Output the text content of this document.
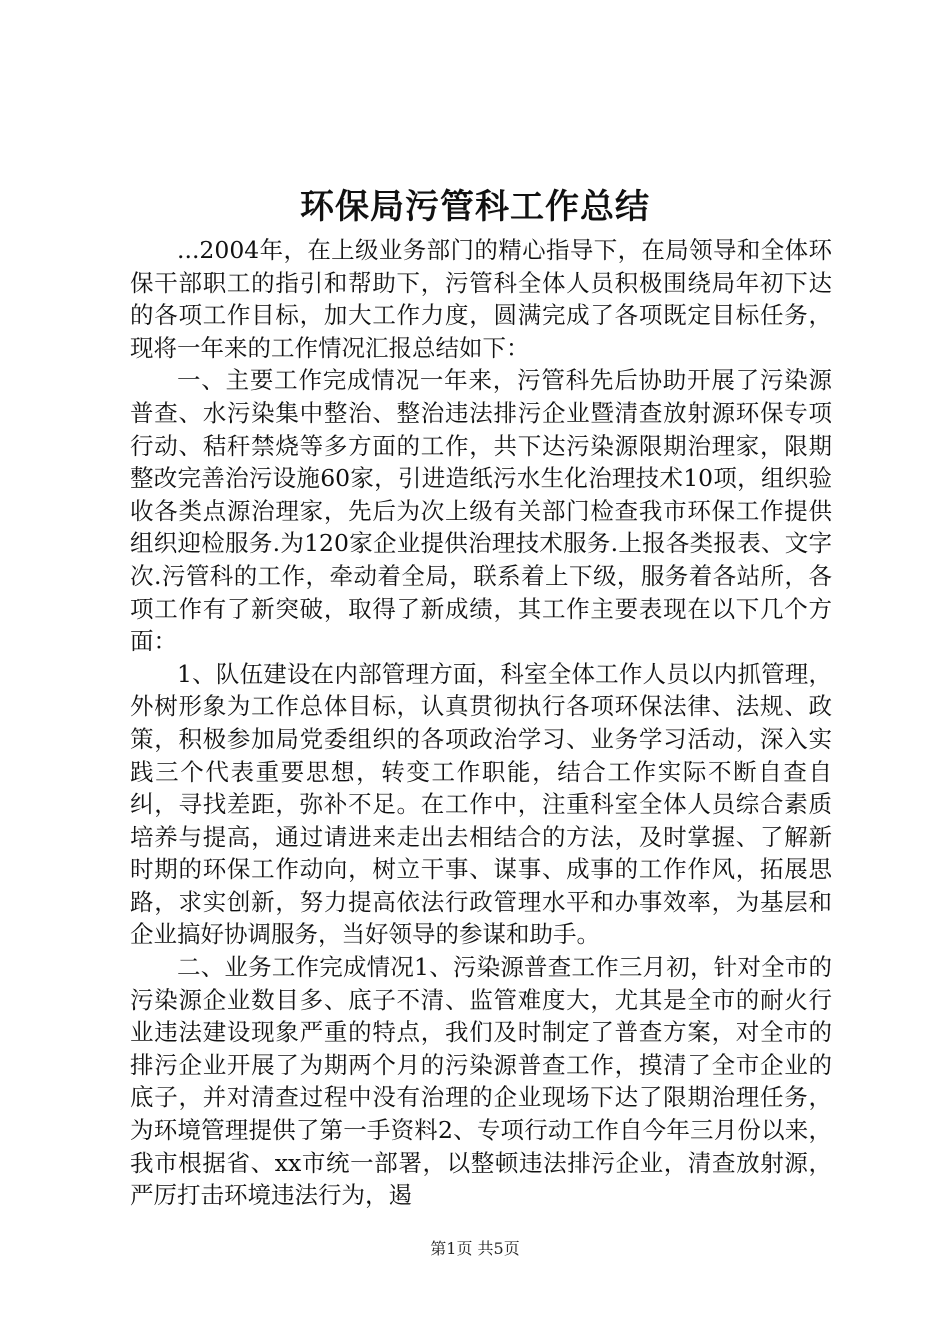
环保局污管科工作总结

...2004年，在上级业务部门的精心指导下，在局领导和全体环保干部职工的指引和帮助下，污管科全体人员积极围绕局年初下达的各项工作目标，加大工作力度，圆满完成了各项既定目标任务，现将一年来的工作情况汇报总结如下：

一、主要工作完成情况一年来，污管科先后协助开展了污染源普查、水污染集中整治、整治违法排污企业暨清查放射源环保专项行动、秸秆禁烧等多方面的工作，共下达污染源限期治理家，限期整改完善治污设施60家，引进造纸污水生化治理技术10项，组织验收各类点源治理家，先后为次上级有关部门检查我市环保工作提供组织迎检服务.为120家企业提供治理技术服务.上报各类报表、文字次.污管科的工作，牵动着全局，联系着上下级，服务着各站所，各项工作有了新突破，取得了新成绩，其工作主要表现在以下几个方面：

1、队伍建设在内部管理方面，科室全体工作人员以内抓管理，外树形象为工作总体目标，认真贯彻执行各项环保法律、法规、政策，积极参加局党委组织的各项政治学习、业务学习活动，深入实践三个代表重要思想，转变工作职能，结合工作实际不断自查自纠，寻找差距，弥补不足。在工作中，注重科室全体人员综合素质培养与提高，通过请进来走出去相结合的方法，及时掌握、了解新时期的环保工作动向，树立干事、谋事、成事的工作作风，拓展思路，求实创新，努力提高依法行政管理水平和办事效率，为基层和企业搞好协调服务，当好领导的参谋和助手。

二、业务工作完成情况1、污染源普查工作三月初，针对全市的污染源企业数目多、底子不清、监管难度大，尤其是全市的耐火行业违法建设现象严重的特点，我们及时制定了普查方案，对全市的排污企业开展了为期两个月的污染源普查工作，摸清了全市企业的底子，并对清查过程中没有治理的企业现场下达了限期治理任务，为环境管理提供了第一手资料2、专项行动工作自今年三月份以来，我市根据省、xx市统一部署，以整顿违法排污企业，清查放射源，严厉打击环境违法行为，遏

第1页 共5页
